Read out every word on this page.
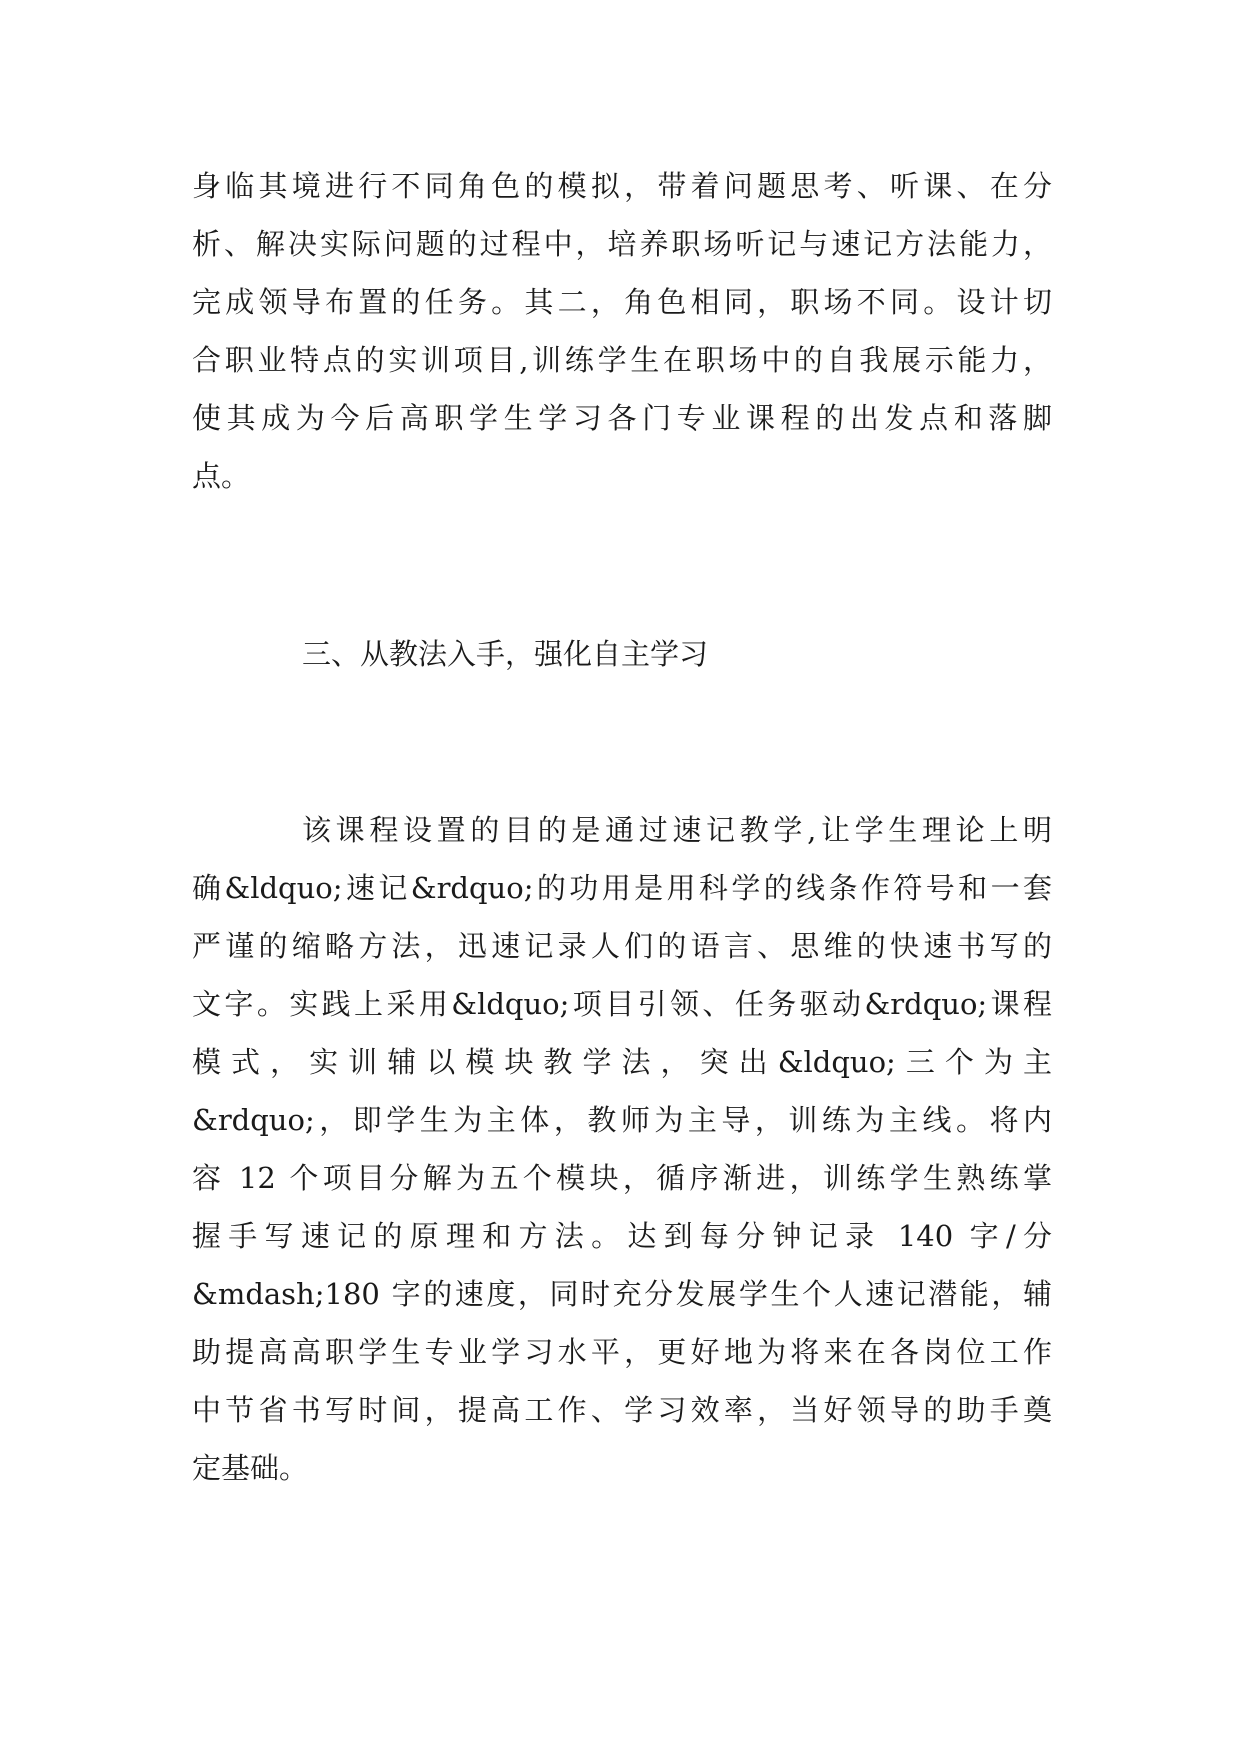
身临其境进行不同角色的模拟，带着问题思考、听课、在分
析、解决实际问题的过程中，培养职场听记与速记方法能力，
完成领导布置的任务。其二，角色相同，职场不同。设计切
合职业特点的实训项目,训练学生在职场中的自我展示能力，
使其成为今后高职学生学习各门专业课程的出发点和落脚
点。
三、从教法入手，强化自主学习
该课程设置的目的是通过速记教学,让学生理论上明
确&ldquo;速记&rdquo;的功用是用科学的线条作符号和一套
严谨的缩略方法，迅速记录人们的语言、思维的快速书写的
文字。实践上采用&ldquo;项目引领、任务驱动&rdquo;课程
模式，实训辅以模块教学法，突出&ldquo;三个为主
&rdquo;，即学生为主体，教师为主导，训练为主线。将内
容 12 个项目分解为五个模块，循序渐进，训练学生熟练掌
握手写速记的原理和方法。达到每分钟记录 140 字/分
&mdash;180 字的速度，同时充分发展学生个人速记潜能，辅
助提高高职学生专业学习水平，更好地为将来在各岗位工作
中节省书写时间，提高工作、学习效率，当好领导的助手奠
定基础。
